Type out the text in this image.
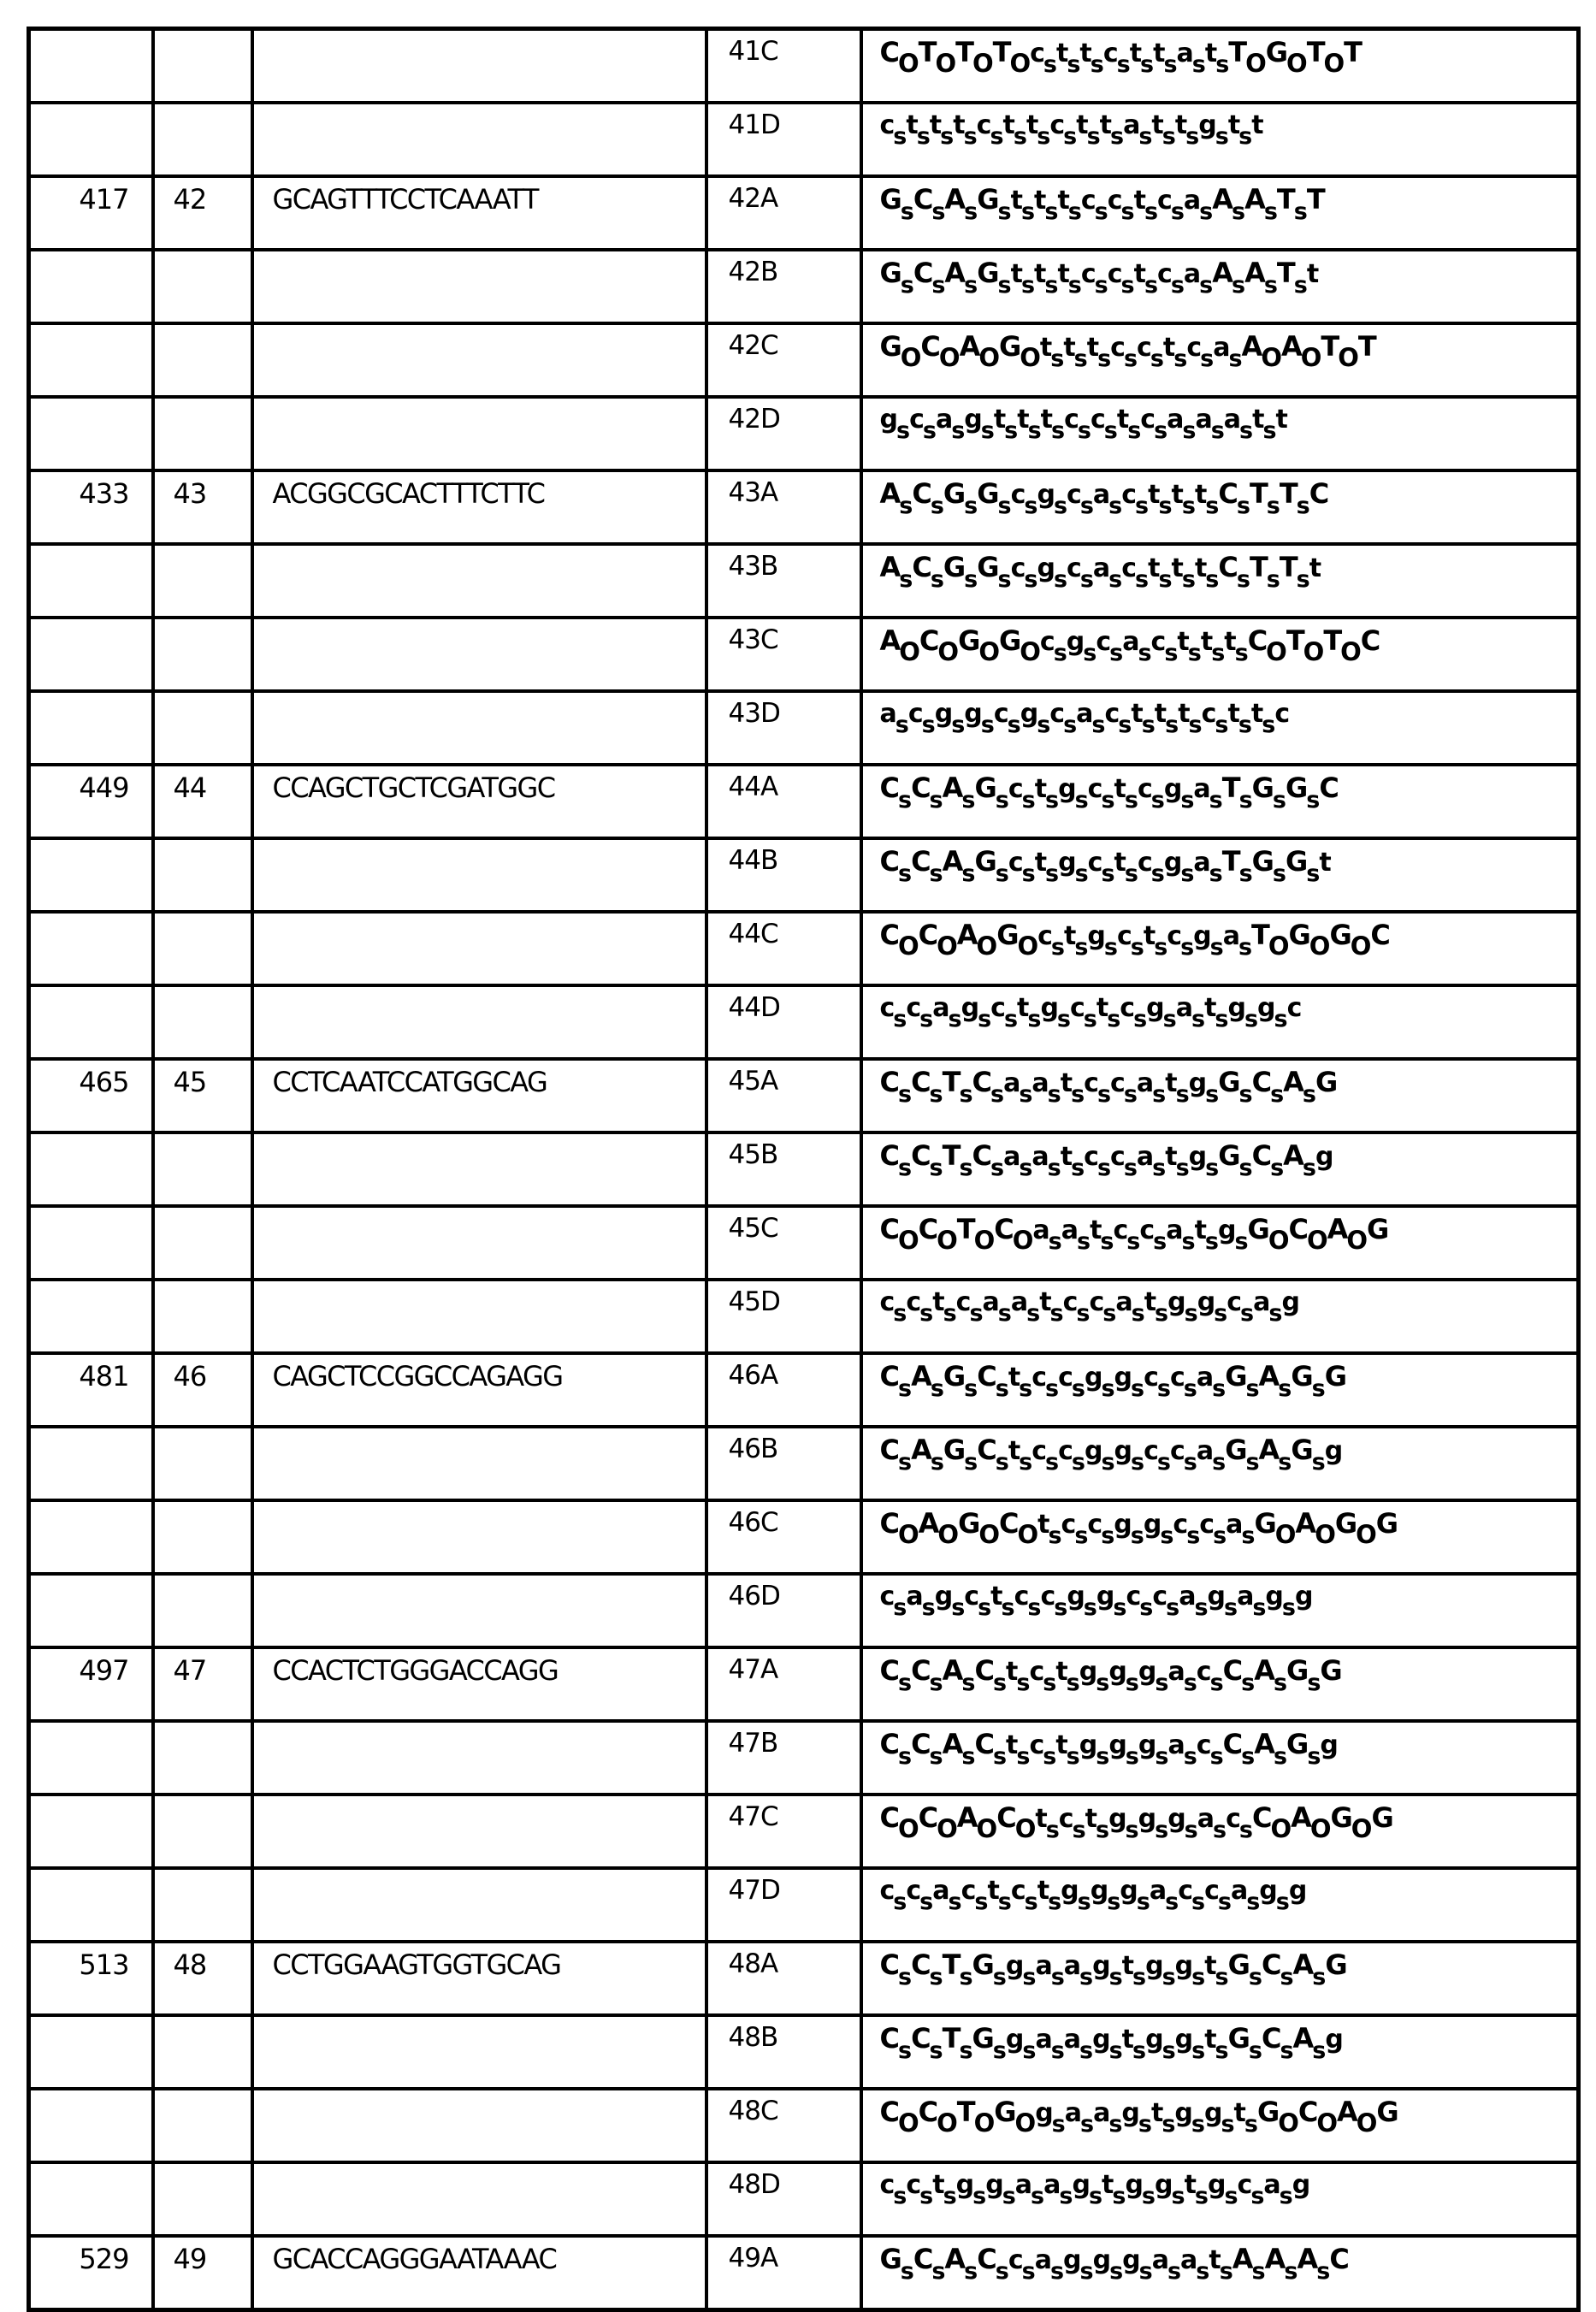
			41C	$C_OT_OT_OT_Oc_st_st_sc_st_st_sa_st_sT_OG_OT_OT$
			41D	$c_st_st_st_sc_st_st_sc_st_st_sa_st_st_sg_st_st$
417	42	GCAGTTTCCTCAAATT	42A	$G_sC_sA_sG_st_st_st_sc_sc_st_sc_sa_sA_sA_sT_sT$
			42B	$G_sC_sA_sG_st_st_st_sc_sc_st_sc_sa_sA_sA_sT_st$
			42C	$G_OC_OA_OG_Ot_st_st_sc_sc_st_sc_sa_sA_OA_OT_OT$
			42D	$g_sc_sa_sg_st_st_st_sc_sc_st_sc_sa_sa_sa_st_st$
433	43	ACGGCGCACTTTCTTC	43A	$A_sC_sG_sG_sc_sg_sc_sa_sc_st_st_st_sC_sT_sT_sC$
			43B	$A_sC_sG_sG_sc_sg_sc_sa_sc_st_st_st_sC_sT_sT_st$
			43C	$A_OC_OG_OG_Oc_sg_sc_sa_sc_st_st_st_sC_OT_OT_OC$
			43D	$a_sc_sg_sg_sc_sg_sc_sa_sc_st_st_st_sc_st_st_sc$
449	44	CCAGCTGCTCGATGGC	44A	$C_sC_sA_sG_sc_st_sg_sc_st_sc_sg_sa_sT_sG_sG_sC$
			44B	$C_sC_sA_sG_sc_st_sg_sc_st_sc_sg_sa_sT_sG_sG_st$
			44C	$C_OC_OA_OG_Oc_st_sg_sc_st_sc_sg_sa_sT_OG_OG_OC$
			44D	$c_sc_sa_sg_sc_st_sg_sc_st_sc_sg_sa_st_sg_sg_sc$
465	45	CCTCAATCCATGGCAG	45A	$C_sC_sT_sC_sa_sa_st_sc_sc_sa_st_sg_sG_sC_sA_sG$
			45B	$C_sC_sT_sC_sa_sa_st_sc_sc_sa_st_sg_sG_sC_sA_sg$
			45C	$C_OC_OT_OC_Oa_sa_st_sc_sc_sa_st_sg_sG_OC_OA_OG$
			45D	$c_sc_st_sc_sa_sa_st_sc_sc_sa_st_sg_sg_sc_sa_sg$
481	46	CAGCTCCGGCCAGAGG	46A	$C_sA_sG_sC_st_sc_sc_sg_sg_sc_sc_sa_sG_sA_sG_sG$
			46B	$C_sA_sG_sC_st_sc_sc_sg_sg_sc_sc_sa_sG_sA_sG_sg$
			46C	$C_OA_OG_OC_Ot_sc_sc_sg_sg_sc_sc_sa_sG_OA_OG_OG$
			46D	$c_sa_sg_sc_st_sc_sc_sg_sg_sc_sc_sa_sg_sa_sg_sg$
497	47	CCACTCTGGGACCAGG	47A	$C_sC_sA_sC_st_sc_st_sg_sg_sg_sa_sc_sC_sA_sG_sG$
			47B	$C_sC_sA_sC_st_sc_st_sg_sg_sg_sa_sc_sC_sA_sG_sg$
			47C	$C_OC_OA_OC_Ot_sc_st_sg_sg_sg_sa_sc_sC_OA_OG_OG$
			47D	$c_sc_sa_sc_st_sc_st_sg_sg_sg_sa_sc_sc_sa_sg_sg$
513	48	CCTGGAAGTGGTGCAG	48A	$C_sC_sT_sG_sg_sa_sa_sg_st_sg_sg_st_sG_sC_sA_sG$
			48B	$C_sC_sT_sG_sg_sa_sa_sg_st_sg_sg_st_sG_sC_sA_sg$
			48C	$C_OC_OT_OG_Og_sa_sa_sg_st_sg_sg_st_sG_OC_OA_OG$
			48D	$c_sc_st_sg_sg_sa_sa_sg_st_sg_sg_st_sg_sc_sa_sg$
529	49	GCACCAGGGAATAAAC	49A	$G_sC_sA_sC_sc_sa_sg_sg_sg_sa_sa_st_sA_sA_sA_sC$
